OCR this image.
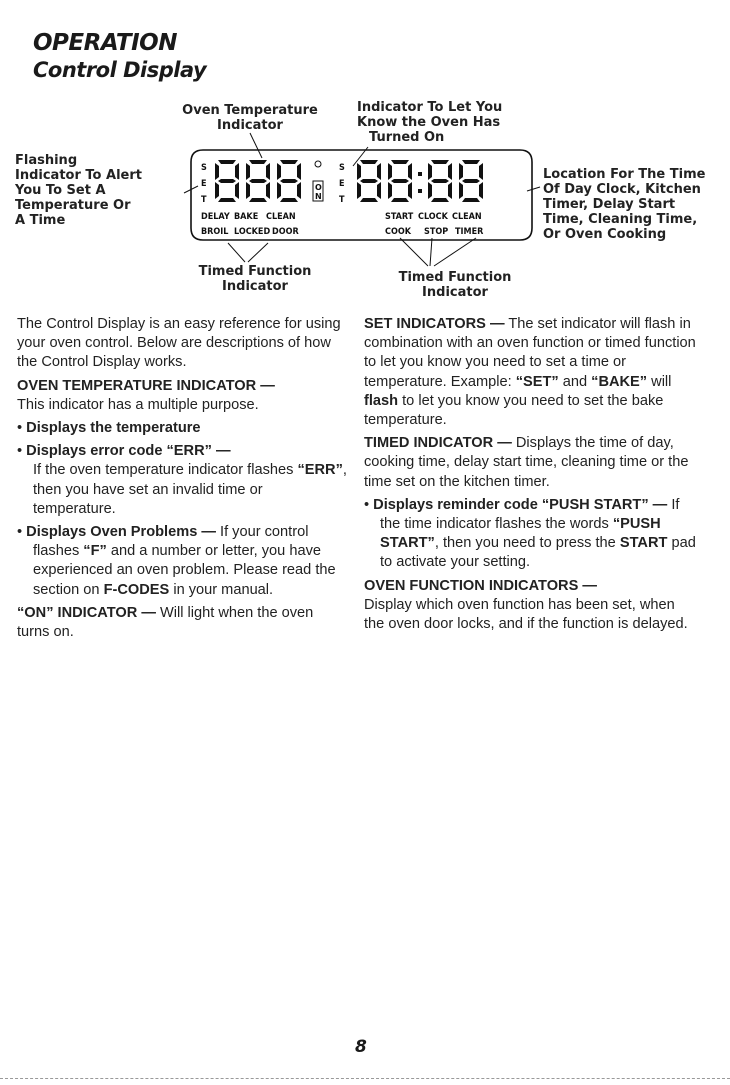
OPERATION
Control Display
Oven Temperature
Indicator
Flashing
Indicator To Alert
You To Set A
Temperature Or
A Time
Indicator To Let You
Know the Oven Has
Turned On
Location For The Time
Of Day Clock, Kitchen
Timer, Delay Start
Time, Cleaning Time,
Or Oven Cooking
Timed Function
Indicator
Timed Function
Indicator
S
E
T
O
N
S
E
T
DELAY BAKE CLEAN
BROIL LOCKED DOOR
START CLOCK CLEAN
COOK STOP TIMER

The Control Display is an easy reference for using your oven control. Below are descriptions of how the Control Display works.

OVEN TEMPERATURE INDICATOR —
This indicator has a multiple purpose.

• Displays the temperature

• Displays error code “ERR” —
If the oven temperature indicator flashes “ERR”, then you have set an invalid time or temperature.

• Displays Oven Problems — If your control flashes “F” and a number or letter, you have experienced an oven problem. Please read the section on F-CODES in your manual.

“ON” INDICATOR — Will light when the oven turns on.

SET INDICATORS — The set indicator will flash in combination with an oven function or timed function to let you know you need to set a time or temperature. Example: “SET” and “BAKE” will flash to let you know you need to set the bake temperature.

TIMED INDICATOR — Displays the time of day, cooking time, delay start time, cleaning time or the time set on the kitchen timer.

• Displays reminder code “PUSH START” — If the time indicator flashes the words “PUSH START”, then you need to press the START pad to activate your setting.

OVEN FUNCTION INDICATORS —
Display which oven function has been set, when the oven door locks, and if the function is delayed.

8
